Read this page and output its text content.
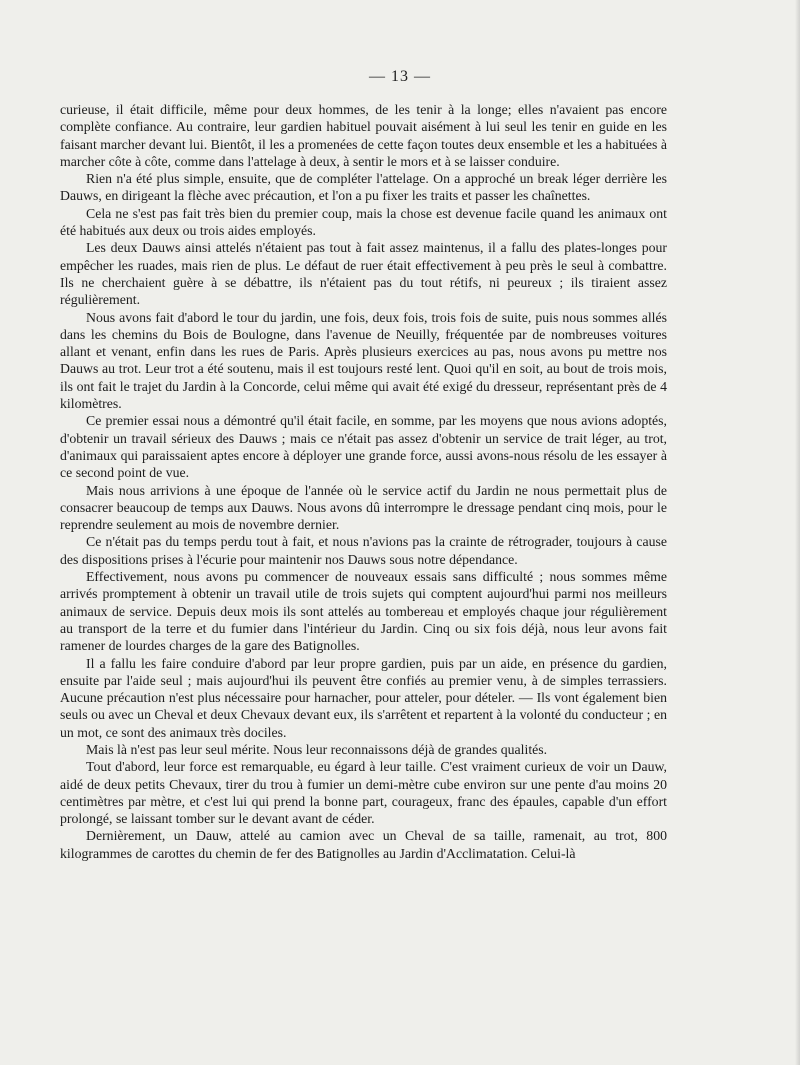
— 13 —

curieuse, il était difficile, même pour deux hommes, de les tenir à la longe; elles n'avaient pas encore complète confiance. Au contraire, leur gardien habituel pouvait aisément à lui seul les tenir en guide en les faisant marcher devant lui. Bientôt, il les a promenées de cette façon toutes deux ensemble et les a habituées à marcher côte à côte, comme dans l'attelage à deux, à sentir le mors et à se laisser conduire.

Rien n'a été plus simple, ensuite, que de compléter l'attelage. On a approché un break léger derrière les Dauws, en dirigeant la flèche avec précaution, et l'on a pu fixer les traits et passer les chaînettes.

Cela ne s'est pas fait très bien du premier coup, mais la chose est devenue facile quand les animaux ont été habitués aux deux ou trois aides employés.

Les deux Dauws ainsi attelés n'étaient pas tout à fait assez maintenus, il a fallu des plates-longes pour empêcher les ruades, mais rien de plus. Le défaut de ruer était effectivement à peu près le seul à combattre. Ils ne cherchaient guère à se débattre, ils n'étaient pas du tout rétifs, ni peureux ; ils tiraient assez régulièrement.

Nous avons fait d'abord le tour du jardin, une fois, deux fois, trois fois de suite, puis nous sommes allés dans les chemins du Bois de Boulogne, dans l'avenue de Neuilly, fréquentée par de nombreuses voitures allant et venant, enfin dans les rues de Paris. Après plusieurs exercices au pas, nous avons pu mettre nos Dauws au trot. Leur trot a été soutenu, mais il est toujours resté lent. Quoi qu'il en soit, au bout de trois mois, ils ont fait le trajet du Jardin à la Concorde, celui même qui avait été exigé du dresseur, représentant près de 4 kilomètres.

Ce premier essai nous a démontré qu'il était facile, en somme, par les moyens que nous avions adoptés, d'obtenir un travail sérieux des Dauws ; mais ce n'était pas assez d'obtenir un service de trait léger, au trot, d'animaux qui paraissaient aptes encore à déployer une grande force, aussi avons-nous résolu de les essayer à ce second point de vue.

Mais nous arrivions à une époque de l'année où le service actif du Jardin ne nous permettait plus de consacrer beaucoup de temps aux Dauws. Nous avons dû interrompre le dressage pendant cinq mois, pour le reprendre seulement au mois de novembre dernier.

Ce n'était pas du temps perdu tout à fait, et nous n'avions pas la crainte de rétrograder, toujours à cause des dispositions prises à l'écurie pour maintenir nos Dauws sous notre dépendance.

Effectivement, nous avons pu commencer de nouveaux essais sans difficulté ; nous sommes même arrivés promptement à obtenir un travail utile de trois sujets qui comptent aujourd'hui parmi nos meilleurs animaux de service. Depuis deux mois ils sont attelés au tombereau et employés chaque jour régulièrement au transport de la terre et du fumier dans l'intérieur du Jardin. Cinq ou six fois déjà, nous leur avons fait ramener de lourdes charges de la gare des Batignolles.

Il a fallu les faire conduire d'abord par leur propre gardien, puis par un aide, en présence du gardien, ensuite par l'aide seul ; mais aujourd'hui ils peuvent être confiés au premier venu, à de simples terrassiers. Aucune précaution n'est plus nécessaire pour harnacher, pour atteler, pour dételer. — Ils vont également bien seuls ou avec un Cheval et deux Chevaux devant eux, ils s'arrêtent et repartent à la volonté du conducteur ; en un mot, ce sont des animaux très dociles.

Mais là n'est pas leur seul mérite. Nous leur reconnaissons déjà de grandes qualités.

Tout d'abord, leur force est remarquable, eu égard à leur taille. C'est vraiment curieux de voir un Dauw, aidé de deux petits Chevaux, tirer du trou à fumier un demi-mètre cube environ sur une pente d'au moins 20 centimètres par mètre, et c'est lui qui prend la bonne part, courageux, franc des épaules, capable d'un effort prolongé, se laissant tomber sur le devant avant de céder.

Dernièrement, un Dauw, attelé au camion avec un Cheval de sa taille, ramenait, au trot, 800 kilogrammes de carottes du chemin de fer des Batignolles au Jardin d'Acclimatation. Celui-là
